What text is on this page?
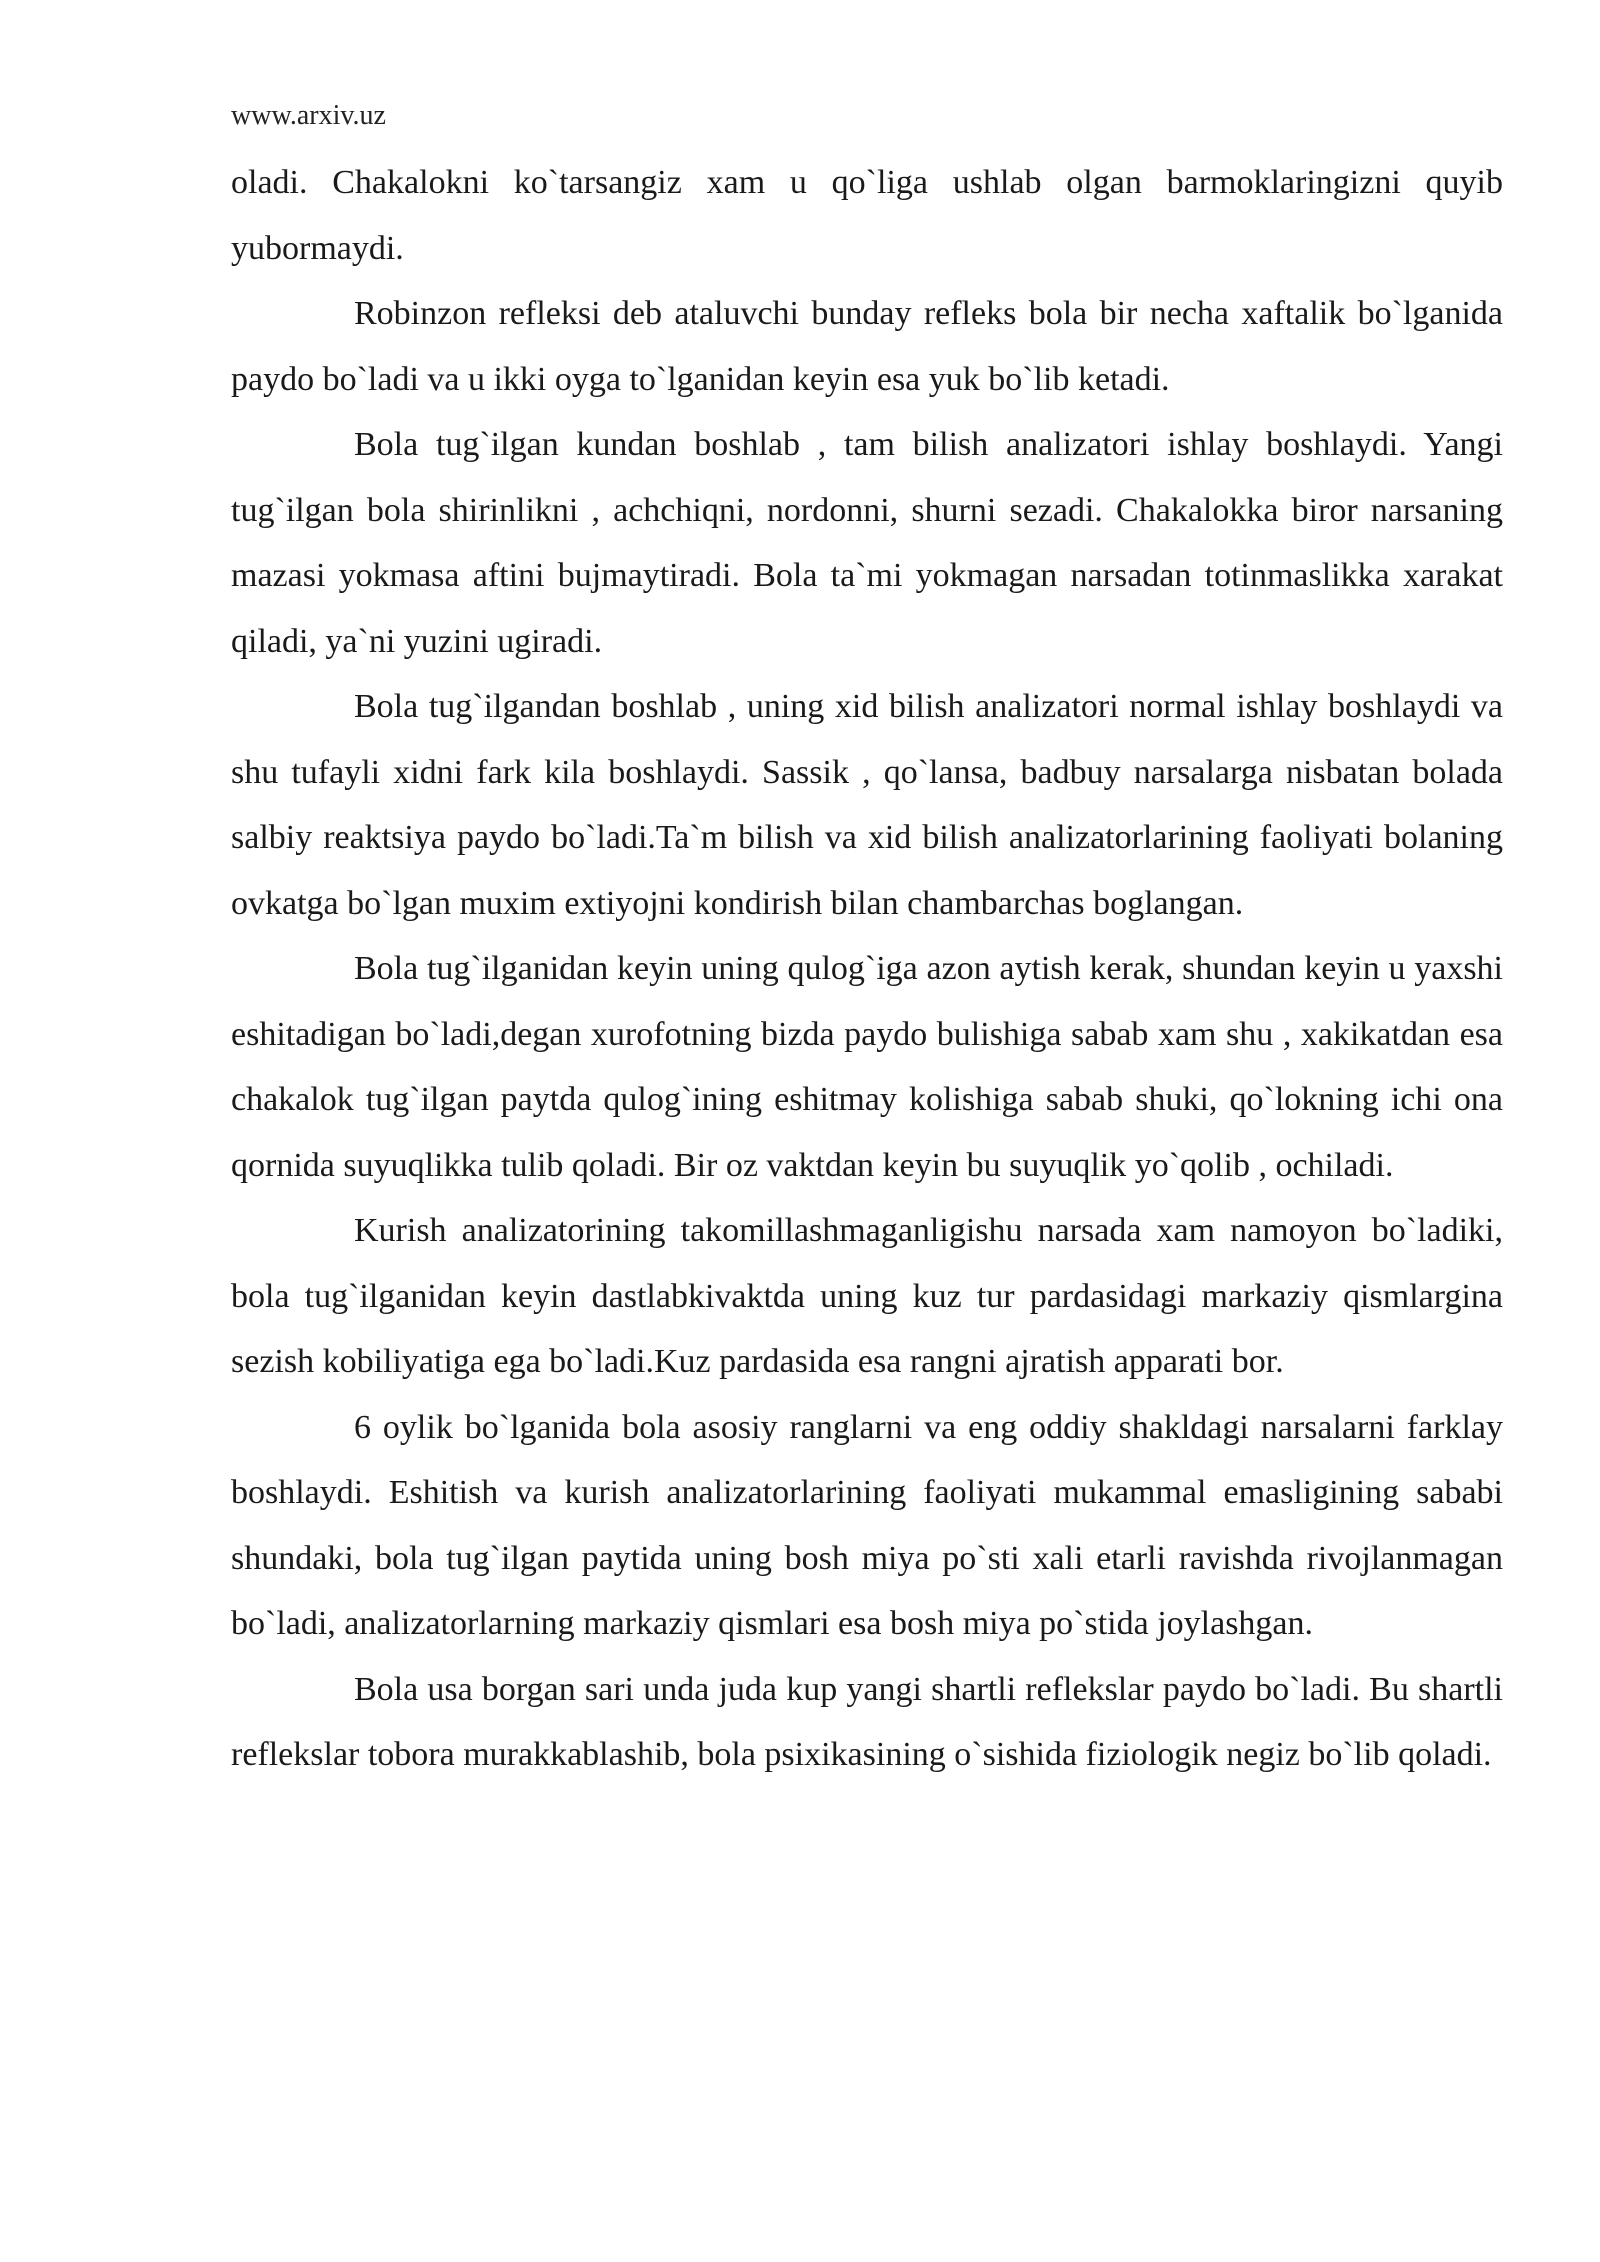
www.arxiv.uz

oladi. Chakalokni ko`tarsangiz xam u qo`liga ushlab olgan barmoklaringizni quyib yubormaydi.

Robinzon refleksi deb ataluvchi bunday refleks bola bir necha xaftalik bo`lganida paydo bo`ladi va u ikki oyga to`lganidan keyin esa yuk bo`lib ketadi.

Bola tug`ilgan kundan boshlab , tam bilish analizatori ishlay boshlaydi. Yangi tug`ilgan bola shirinlikni , achchiqni, nordonni, shurni sezadi. Chakalokka biror narsaning mazasi yokmasa aftini bujmaytiradi. Bola ta`mi yokmagan narsadan totinmaslikka xarakat qiladi, ya`ni yuzini ugiradi.

Bola tug`ilgandan boshlab , uning xid bilish analizatori normal ishlay boshlaydi va shu tufayli xidni fark kila boshlaydi. Sassik , qo`lansa, badbuy narsalarga nisbatan bolada salbiy reaktsiya paydo bo`ladi.Ta`m bilish va xid bilish analizatorlarining faoliyati bolaning ovkatga bo`lgan muxim extiyojni kondirish bilan chambarchas boglangan.

Bola tug`ilganidan keyin uning qulog`iga azon aytish kerak, shundan keyin u yaxshi eshitadigan bo`ladi,degan xurofotning bizda paydo bulishiga sabab xam shu , xakikatdan esa chakalok tug`ilgan paytda qulog`ining eshitmay kolishiga sabab shuki, qo`lokning ichi ona qornida suyuqlikka tulib qoladi. Bir oz vaktdan keyin bu suyuqlik yo`qolib , ochiladi.

Kurish analizatorining takomillashmaganligishu narsada xam namoyon bo`ladiki, bola tug`ilganidan keyin dastlabkivaktda uning kuz tur pardasidagi markaziy qismlargina sezish kobiliyatiga ega bo`ladi.Kuz pardasida esa rangni ajratish apparati bor.

6 oylik bo`lganida bola asosiy ranglarni va eng oddiy shakldagi narsalarni farklay boshlaydi. Eshitish va kurish analizatorlarining faoliyati mukammal emasligining sababi shundaki, bola tug`ilgan paytida uning bosh miya po`sti xali etarli ravishda rivojlanmagan bo`ladi, analizatorlarning markaziy qismlari esa bosh miya po`stida joylashgan.

Bola usa borgan sari unda juda kup yangi shartli reflekslar paydo bo`ladi. Bu shartli reflekslar tobora murakkablashib, bola psixikasining o`sishida fiziologik negiz bo`lib qoladi.
